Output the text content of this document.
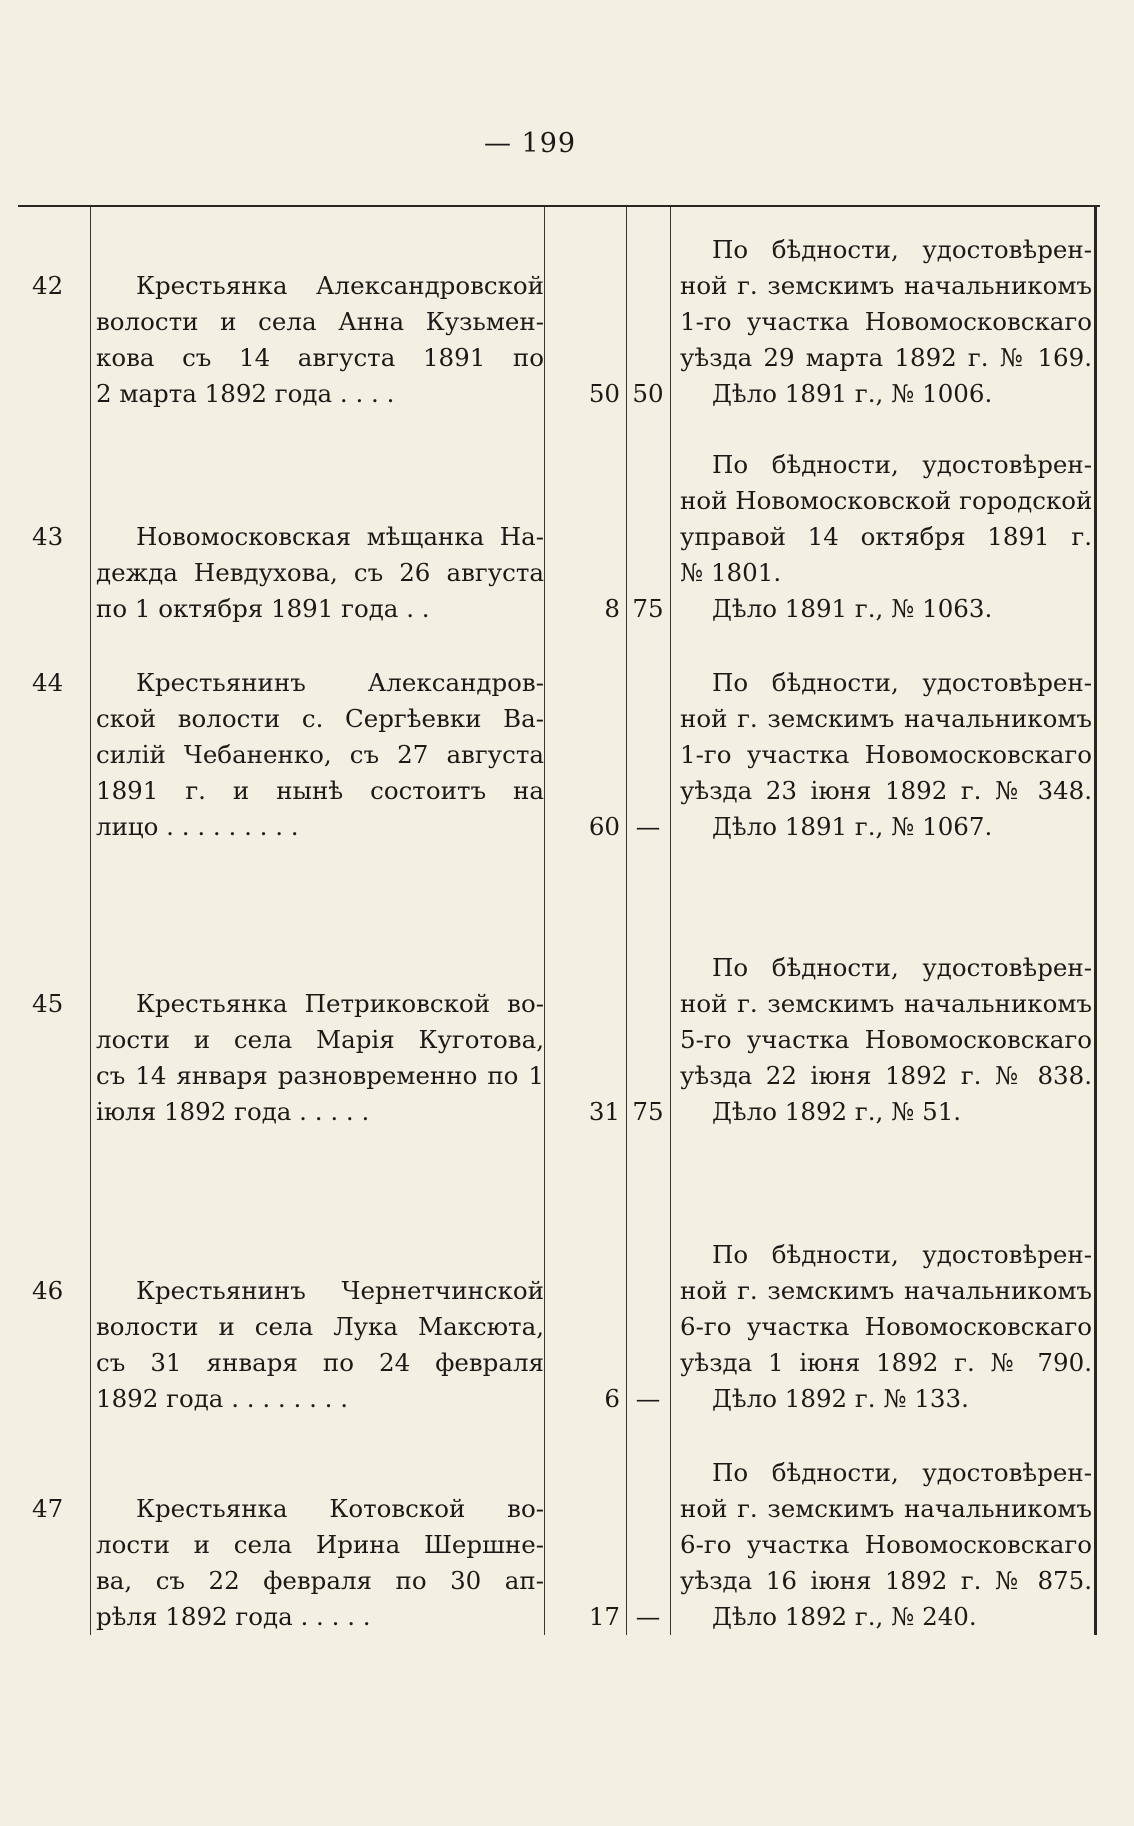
— 199
42	Крестьянка Александровской
волости и села Анна Кузьмен-
кова съ 14 августа 1891 по
2 марта 1892 года . . . .	50 50
По бѣдности, удостовѣрен-
ной г. земскимъ начальникомъ
1-го участка Новомосковскаго
уѣзда 29 марта 1892 г. № 169.
Дѣло 1891 г., № 1006.
43	Новомосковская мѣщанка На-
дежда Невдухова, съ 26 августа
по 1 октября 1891 года . .	8 75
По бѣдности, удостовѣрен-
ной Новомосковской городской
управой 14 октября 1891 г.
№ 1801.
Дѣло 1891 г., № 1063.
44	Крестьянинъ Александров-
ской волости с. Сергѣевки Ва-
силій Чебаненко, съ 27 августа
1891 г. и нынѣ состоитъ на
лицо . . . . . . . . .	60 —
По бѣдности, удостовѣрен-
ной г. земскимъ начальникомъ
1-го участка Новомосковскаго
уѣзда 23 іюня 1892 г. № 348.
Дѣло 1891 г., № 1067.
45	Крестьянка Петриковской во-
лости и села Марія Куготова,
съ 14 января разновременно по 1
іюля 1892 года . . . . .	31 75
По бѣдности, удостовѣрен-
ной г. земскимъ начальникомъ
5-го участка Новомосковскаго
уѣзда 22 іюня 1892 г. № 838.
Дѣло 1892 г., № 51.
46	Крестьянинъ Чернетчинской
волости и села Лука Максюта,
съ 31 января по 24 февраля
1892 года . . . . . . . .	6 —
По бѣдности, удостовѣрен-
ной г. земскимъ начальникомъ
6-го участка Новомосковскаго
уѣзда 1 іюня 1892 г. № 790.
Дѣло 1892 г. № 133.
47	Крестьянка Котовской во-
лости и села Ирина Шершне-
ва, съ 22 февраля по 30 ап-
рѣля 1892 года . . . . .	17 —
По бѣдности, удостовѣрен-
ной г. земскимъ начальникомъ
6-го участка Новомосковскаго
уѣзда 16 іюня 1892 г. № 875.
Дѣло 1892 г., № 240.
